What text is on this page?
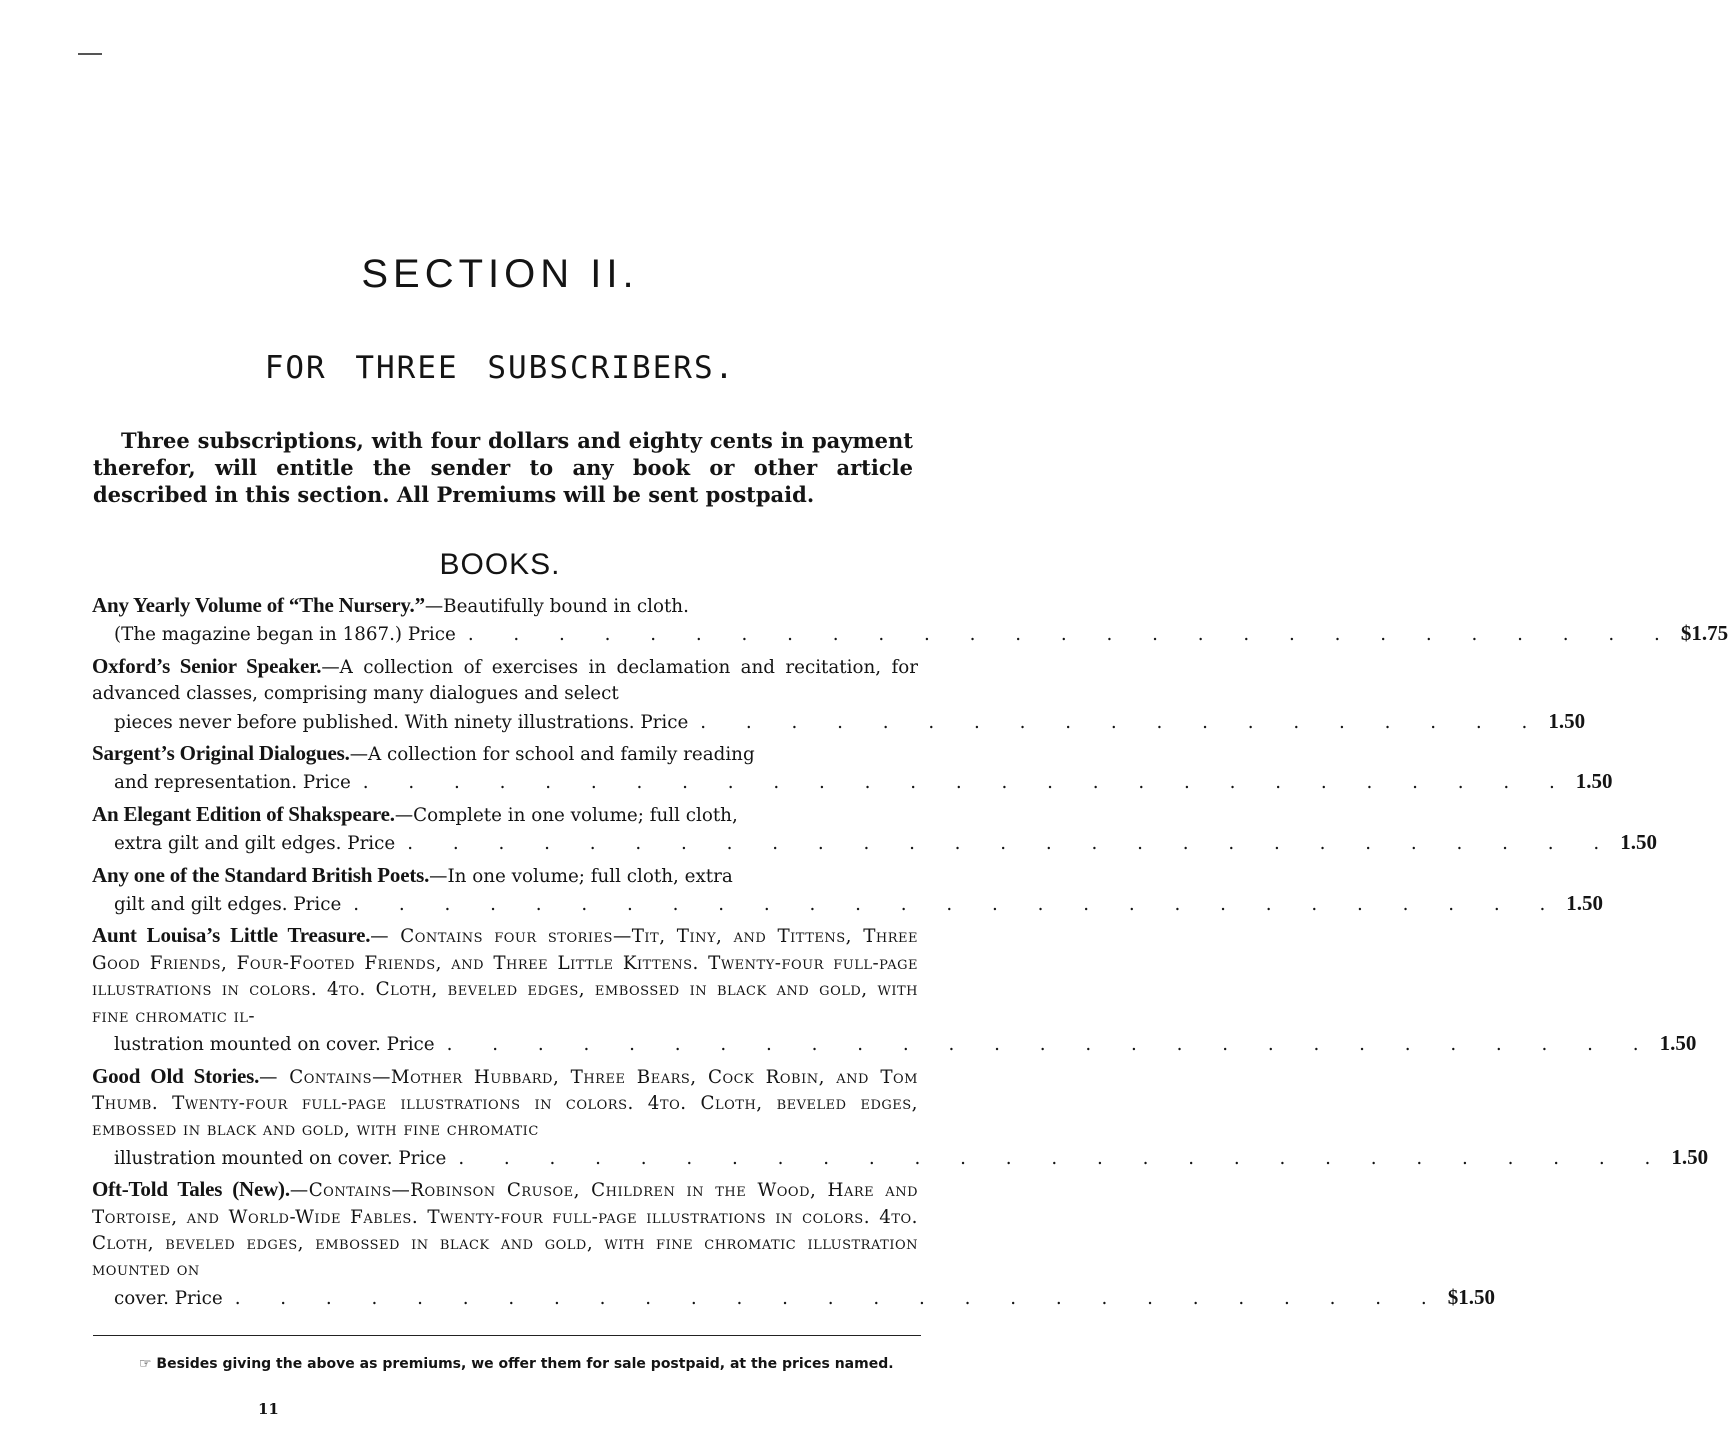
SECTION II.
FOR THREE SUBSCRIBERS.

Three subscriptions, with four dollars and eighty cents in payment therefor, will entitle the sender to any book or other article described in this section. All Premiums will be sent postpaid.

BOOKS.
Any Yearly Volume of “The Nursery.”—Beautifully bound in cloth.
(The magazine began in 1867.) Price . . . . . . . . . . . . . . . . . . . . . . . . . . . $1.75
Oxford’s Senior Speaker.—A collection of exercises in declamation and recitation, for advanced classes, comprising many dialogues and select
pieces never before published. With ninety illustrations. Price . . . . . . . . . . . . . . . . . . . 1.50
Sargent’s Original Dialogues.—A collection for school and family reading
and representation. Price . . . . . . . . . . . . . . . . . . . . . . . . . . . 1.50
An Elegant Edition of Shakspeare.—Complete in one volume; full cloth,
extra gilt and gilt edges. Price . . . . . . . . . . . . . . . . . . . . . . . . . . . 1.50
Any one of the Standard British Poets.—In one volume; full cloth, extra
gilt and gilt edges. Price . . . . . . . . . . . . . . . . . . . . . . . . . . . 1.50
Aunt Louisa’s Little Treasure.— Contains four stories—Tit, Tiny, and Tittens, Three Good Friends, Four-Footed Friends, and Three Little Kittens. Twenty-four full-page illustrations in colors. 4to. Cloth, beveled edges, embossed in black and gold, with fine chromatic il-
lustration mounted on cover. Price . . . . . . . . . . . . . . . . . . . . . . . . . . . 1.50
Good Old Stories.— Contains—Mother Hubbard, Three Bears, Cock Robin, and Tom Thumb. Twenty-four full-page illustrations in colors. 4to. Cloth, beveled edges, embossed in black and gold, with fine chromatic
illustration mounted on cover. Price . . . . . . . . . . . . . . . . . . . . . . . . . . . 1.50
Oft-Told Tales (New).—Contains—Robinson Crusoe, Children in the Wood, Hare and Tortoise, and World-Wide Fables. Twenty-four full-page illustrations in colors. 4to. Cloth, beveled edges, embossed in black and gold, with fine chromatic illustration mounted on
cover. Price . . . . . . . . . . . . . . . . . . . . . . . . . . . $1.50

☞ Besides giving the above as premiums, we offer them for sale postpaid, at the prices named.

11
